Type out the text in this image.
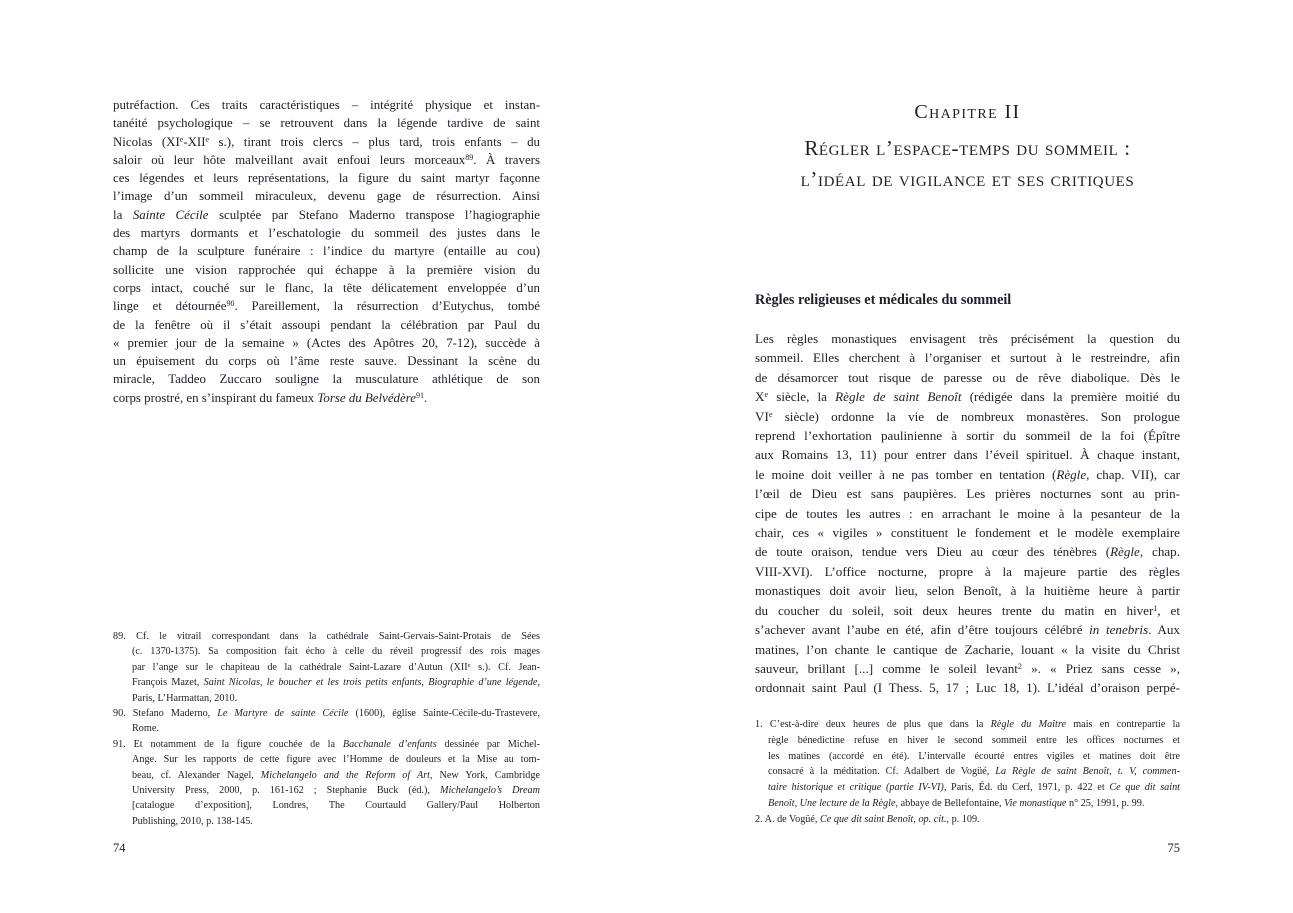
putréfaction. Ces traits caractéristiques – intégrité physique et instan-
tanéité psychologique – se retrouvent dans la légende tardive de saint
Nicolas (XIe-XIIe s.), tirant trois clercs – plus tard, trois enfants – du
saloir où leur hôte malveillant avait enfoui leurs morceaux$^{89}$. À travers
ces légendes et leurs représentations, la figure du saint martyr façonne
l’image d’un sommeil miraculeux, devenu gage de résurrection. Ainsi
la Sainte Cécile sculptée par Stefano Maderno transpose l’hagiographie
des martyrs dormants et l’eschatologie du sommeil des justes dans le
champ de la sculpture funéraire : l’indice du martyre (entaille au cou)
sollicite une vision rapprochée qui échappe à la première vision du
corps intact, couché sur le flanc, la tête délicatement enveloppée d’un
linge et détournée$^{90}$. Pareillement, la résurrection d’Eutychus, tombé
de la fenêtre où il s’était assoupi pendant la célébration par Paul du
« premier jour de la semaine » (Actes des Apôtres 20, 7-12), succède à
un épuisement du corps où l’âme reste sauve. Dessinant la scène du
miracle, Taddeo Zuccaro souligne la musculature athlétique de son
corps prostré, en s’inspirant du fameux Torse du Belvédère$^{91}$.
89. Cf. le vitrail correspondant dans la cathédrale Saint-Gervais-Saint-Protais de Sées
(c. 1370-1375). Sa composition fait écho à celle du réveil progressif des rois mages
par l’ange sur le chapiteau de la cathédrale Saint-Lazare d’Autun (XIIe s.). Cf. Jean-
François Mazet, Saint Nicolas, le boucher et les trois petits enfants, Biographie d’une légende,
Paris, L’Harmattan, 2010.
90. Stefano Maderno, Le Martyre de sainte Cécile (1600), église Sainte-Cécile-du-Trastevere,
Rome.
91. Et notamment de la figure couchée de la Bacchanale d’enfants dessinée par Michel-
Ange. Sur les rapports de cette figure avec l’Homme de douleurs et la Mise au tom-
beau, cf. Alexander Nagel, Michelangelo and the Reform of Art, New York, Cambridge
University Press, 2000, p. 161-162 ; Stephanie Buck (éd.), Michelangelo’s Dream
[catalogue d’exposition], Londres, The Courtauld Gallery/Paul Holberton
Publishing, 2010, p. 138-145.
74
Chapitre II
Régler l’espace-temps du sommeil :
l’idéal de vigilance et ses critiques
Règles religieuses et médicales du sommeil
Les règles monastiques envisagent très précisément la question du
sommeil. Elles cherchent à l’organiser et surtout à le restreindre, afin
de désamorcer tout risque de paresse ou de rêve diabolique. Dès le
Xe siècle, la Règle de saint Benoît (rédigée dans la première moitié du
VIe siècle) ordonne la vie de nombreux monastères. Son prologue
reprend l’exhortation paulinienne à sortir du sommeil de la foi (Épître
aux Romains 13, 11) pour entrer dans l’éveil spirituel. À chaque instant,
le moine doit veiller à ne pas tomber en tentation (Règle, chap. VII), car
l’œil de Dieu est sans paupières. Les prières nocturnes sont au prin-
cipe de toutes les autres : en arrachant le moine à la pesanteur de la
chair, ces « vigiles » constituent le fondement et le modèle exemplaire
de toute oraison, tendue vers Dieu au cœur des ténèbres (Règle, chap.
VIII-XVI). L’office nocturne, propre à la majeure partie des règles
monastiques doit avoir lieu, selon Benoît, à la huitième heure à partir
du coucher du soleil, soit deux heures trente du matin en hiver$^1$, et
s’achever avant l’aube en été, afin d’être toujours célébré in tenebris. Aux
matines, l’on chante le cantique de Zacharie, louant « la visite du Christ
sauveur, brillant [...] comme le soleil levant$^2$ ». « Priez sans cesse »,
ordonnait saint Paul (I Thess. 5, 17 ; Luc 18, 1). L’idéal d’oraison perpé-
1. C’est-à-dire deux heures de plus que dans la Règle du Maître mais en contrepartie la
règle bénedictine refuse en hiver le second sommeil entre les offices nocturnes et
les matines (accordé en été). L’intervalle écourté entres vigiles et matines doit être
consacré à la méditation. Cf. Adalbert de Vogüé, La Règle de saint Benoît, t. V, commen-
taire historique et critique (partie IV-VI), Paris, Éd. du Cerf, 1971, p. 422 et Ce que dit saint
Benoît, Une lecture de la Règle, abbaye de Bellefontaine, Vie monastique n° 25, 1991, p. 99.
2. A. de Vogüé, Ce que dit saint Benoît, op. cit., p. 109.
75
